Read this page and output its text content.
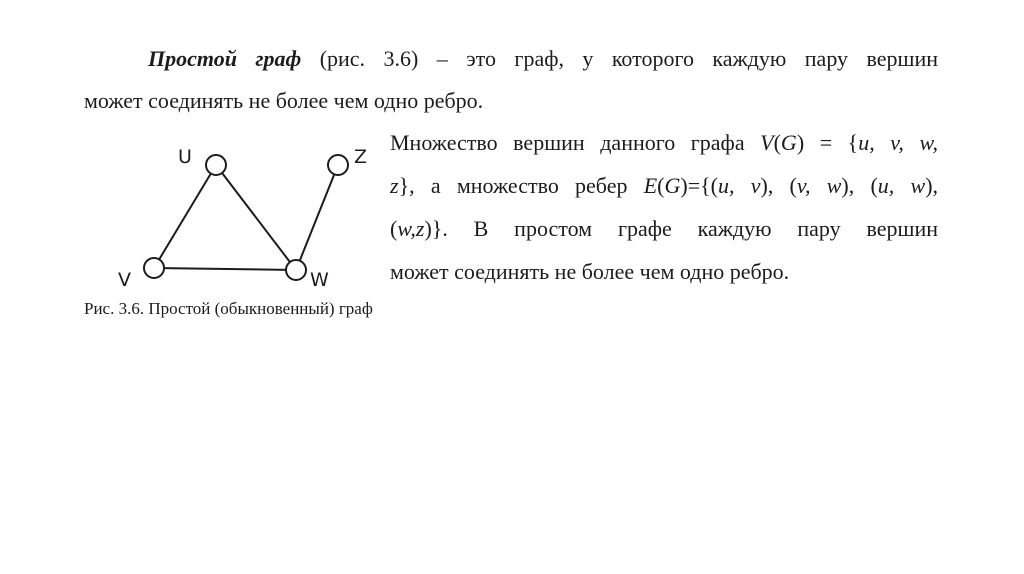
Простой граф (рис. 3.6) – это граф, у которого каждую пару вершин

может соединять не более чем одно ребро.

Множество вершин данного графа V(G) = {u, v, w,

z}, а множество ребер E(G)={(u, v), (v, w), (u, w),

(w,z)}. В простом графе каждую пару вершин

может соединять не более чем одно ребро.

U	Z
V	W

Рис. 3.6. Простой (обыкновенный) граф
